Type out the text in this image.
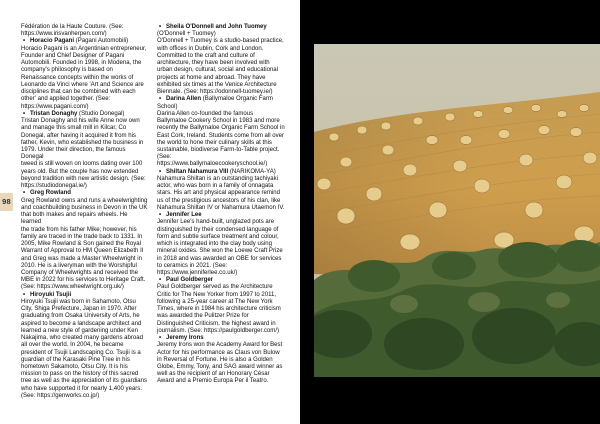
Fédération de la Haute Couture. (See:

https://www.irisvanherpen.com/)

• Horacio Pagani (Pagani Automobili)

Horacio Pagani is an Argentinian entrepreneur,

Founder and Chief Designer of Pagani

Automobili. Founded in 1998, in Modena, the

company's philosophy is based on

Renaissance concepts within the works of

Leonardo da Vinci where 'Art and Science are

disciplines that can be combined with each

other' and applied together. (See:

https://www.pagani.com/)

• Tristan Donaghy (Studio Donegal)

Tristan Donaghy and his wife Anne now own

and manage this small mill in Kilcar, Co

Donegal, after having it acquired it from his

father, Kevin, who established the business in

1979. Under their direction, the famous Donegal

tweed is still woven on looms dating over 100

years old. But the couple has now extended

beyond tradition with new artistic design. (See:

https://studiodonegal.ie/)

• Greg Rowland

Greg Rowland owns and runs a wheelwrighting

and coachbuilding business in Devon in the UK

that both makes and repairs wheels. He learned

the trade from his father Mike; however, his

family are traced in the trade back to 1331. In

2005, Mike Rowland & Son gained the Royal

Warrant of Approval to HM Queen Elizabeth II

and Greg was made a Master Wheelwright in

2010. He is a liveryman with the Worshipful

Company of Wheelwrights and received the

MBE in 2022 for his services to Heritage Craft.

(See: https://www.wheelwright.org.uk/)

• Hiroyuki Tsujii

Hiroyuki Tsujii was born in Sahamoto, Otsu

City, Shiga Prefecture, Japan in 1970. After

graduating from Osaka University of Arts, he

aspired to become a landscape architect and

learned a new style of gardening under Ken

Nakajima, who created many gardens abroad

all over the world. In 2004, he became

president of Tsujii Landscaping Co. Tsujii is a

guardian of the Karasaki Pine Tree in his

hometown Sakamoto, Otsu City. It is his

mission to pass on the history of this sacred

tree as well as the appreciation of its guardians

who have supported it for nearly 1,400 years.

(See: https://genworks.co.jp/)

• Sheila O'Donnell and John Tuomey

(O'Donnell + Tuomey)

O'Donnell + Tuomey is a studio-based practice,

with offices in Dublin, Cork and London.

Committed to the craft and culture of

architecture, they have been involved with

urban design, cultural, social and educational

projects at home and abroad. They have

exhibited six times at the Venice Architecture

Biennale. (See: https://odonnell-tuomey.ie/)

• Darina Allen (Ballymaloe Organic Farm

School)

Darina Allen co-founded the famous

Ballymaloe Cookery School in 1983 and more

recently the Ballymaloe Organic Farm School in

East Cork, Ireland. Students come from all over

the world to hone their culinary skills at this

sustainable, biodiverse Farm-to-Table project.

(See:

https://www.ballymaloecookeryschool.ie/)

• Shiltan Nahamura VIII (NARIKOMA-YA)

Nahamura Shiltan is an outstanding tachiyaki

actor, who was born in a family of onnagata

stars. His art and physical appearance remind

us of the prestigious ancestors of his clan, like

Nahamura Shiltan IV or Nahamura Utaemon IV.

• Jennifer Lee

Jennifer Lee's hand-built, unglazed pots are

distinguished by their condensed language of

form and subtle surface treatment and colour,

which is integrated into the clay body using

mineral oxides. She won the Loewe Craft Prize

in 2018 and was awarded an OBE for services

to ceramics in 2021. (See:

https://www.jenniferlee.co.uk/)

• Paul Goldberger

Paul Goldberger served as the Architecture

Critic for The New Yorker from 1997 to 2011,

following a 25-year career at The New York

Times, where in 1984 his architecture criticism

was awarded the Pulitzer Prize for

Distinguished Criticism, the highest award in

journalism. (See: https://paulgoldberger.com/)

• Jeremy Irons

Jeremy Irons won the Academy Award for Best

Actor for his performance as Claus von Bulow

in Reversal of Fortune. He is also a Golden

Globe, Emmy, Tony, and SAG award winner as

well as the recipient of an Honorary César

Award and a Premio Europa Per il Teatro.

98
